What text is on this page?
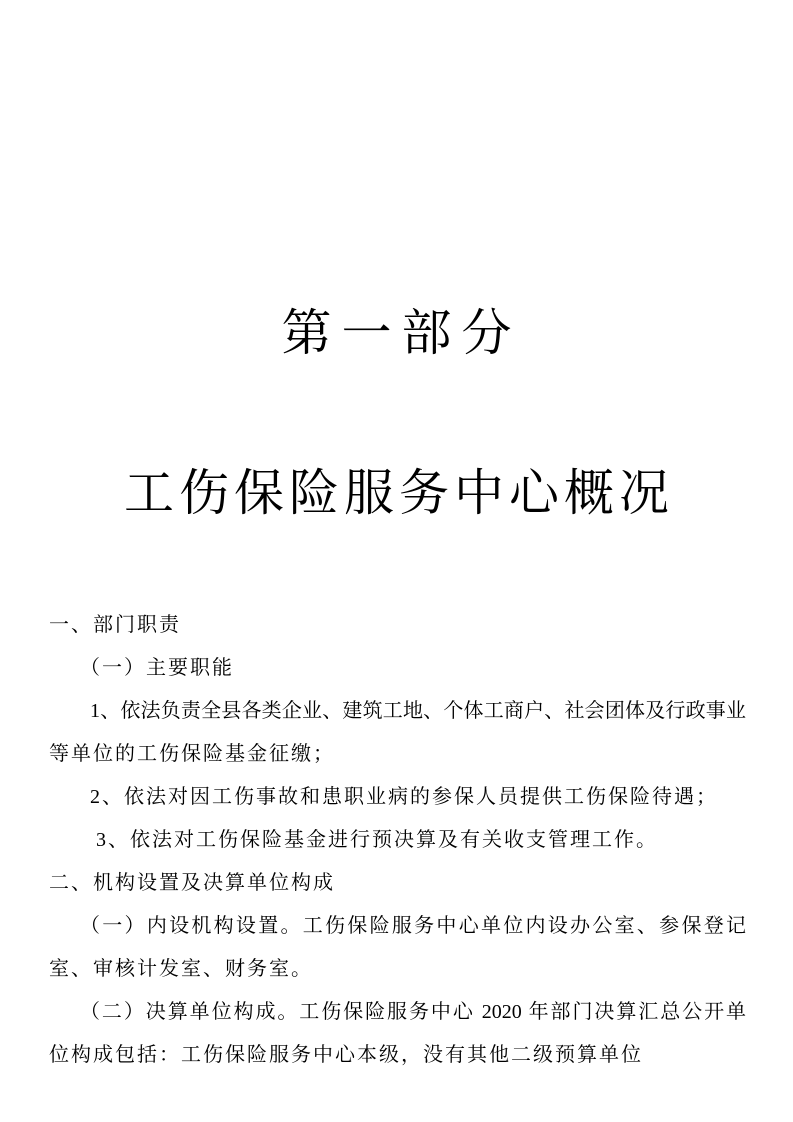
第一部分
工伤保险服务中心概况
一、部门职责
（一）主要职能
1、依法负责全县各类企业、建筑工地、个体工商户、社会团体及行政事业
等单位的工伤保险基金征缴；
2、依法对因工伤事故和患职业病的参保人员提供工伤保险待遇；
3、依法对工伤保险基金进行预决算及有关收支管理工作。
二、机构设置及决算单位构成
（一）内设机构设置。工伤保险服务中心单位内设办公室、参保登记
室、审核计发室、财务室。
（二）决算单位构成。工伤保险服务中心 2020 年部门决算汇总公开单
位构成包括：工伤保险服务中心本级，没有其他二级预算单位
